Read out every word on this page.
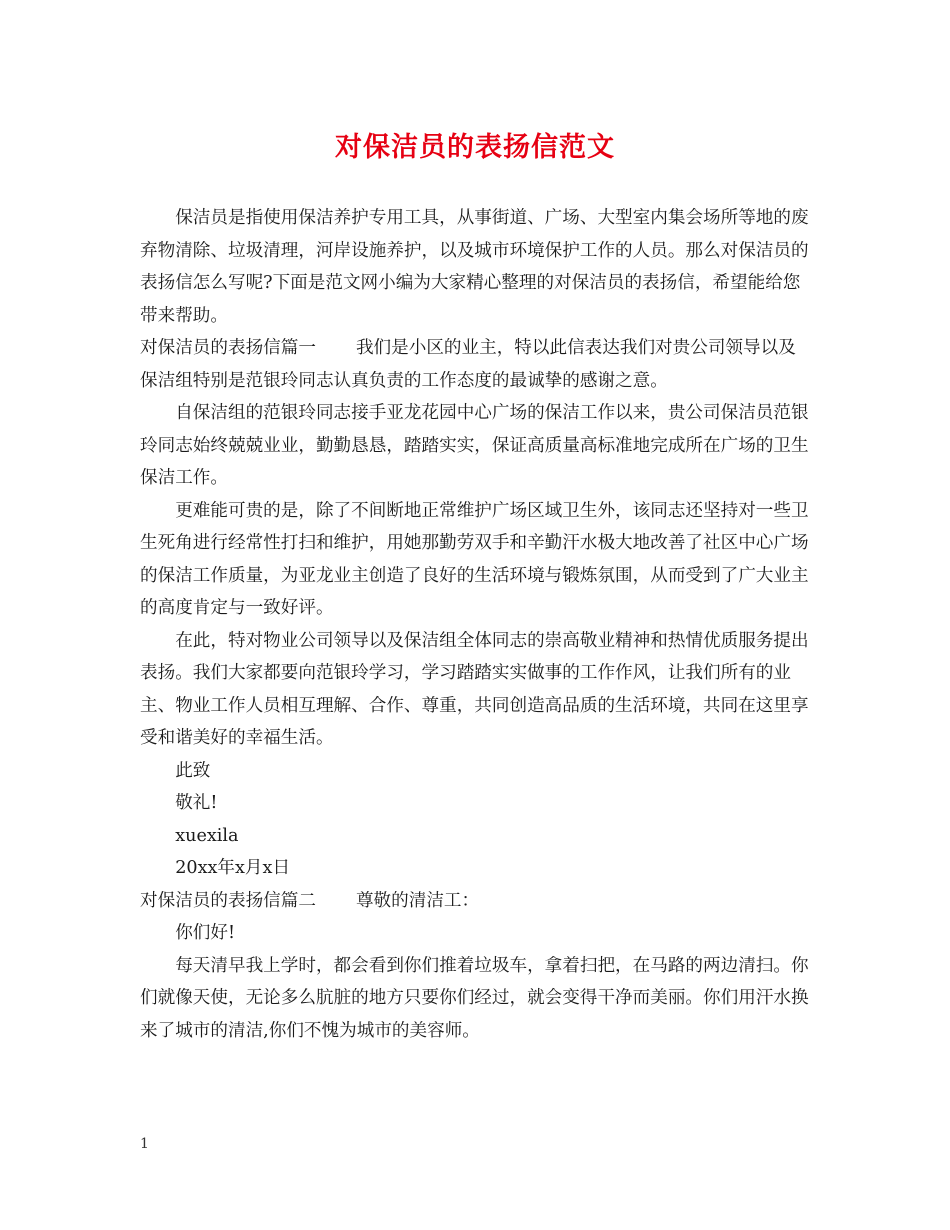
对保洁员的表扬信范文

保洁员是指使用保洁养护专用工具，从事街道、广场、大型室内集会场所等地的废弃物清除、垃圾清理，河岸设施养护，以及城市环境保护工作的人员。那么对保洁员的表扬信怎么写呢?下面是范文网小编为大家精心整理的对保洁员的表扬信，希望能给您带来帮助。

对保洁员的表扬信篇一 我们是小区的业主，特以此信表达我们对贵公司领导以及保洁组特别是范银玲同志认真负责的工作态度的最诚挚的感谢之意。

自保洁组的范银玲同志接手亚龙花园中心广场的保洁工作以来，贵公司保洁员范银玲同志始终兢兢业业，勤勤恳恳，踏踏实实，保证高质量高标准地完成所在广场的卫生保洁工作。

更难能可贵的是，除了不间断地正常维护广场区域卫生外，该同志还坚持对一些卫生死角进行经常性打扫和维护，用她那勤劳双手和辛勤汗水极大地改善了社区中心广场的保洁工作质量，为亚龙业主创造了良好的生活环境与锻炼氛围，从而受到了广大业主的高度肯定与一致好评。

在此，特对物业公司领导以及保洁组全体同志的崇高敬业精神和热情优质服务提出表扬。我们大家都要向范银玲学习，学习踏踏实实做事的工作作风，让我们所有的业主、物业工作人员相互理解、合作、尊重，共同创造高品质的生活环境，共同在这里享受和谐美好的幸福生活。

此致

敬礼!

xuexila

20xx年x月x日

对保洁员的表扬信篇二 尊敬的清洁工：

你们好!

每天清早我上学时，都会看到你们推着垃圾车，拿着扫把，在马路的两边清扫。你们就像天使，无论多么肮脏的地方只要你们经过，就会变得干净而美丽。你们用汗水换来了城市的清洁,你们不愧为城市的美容师。

1
